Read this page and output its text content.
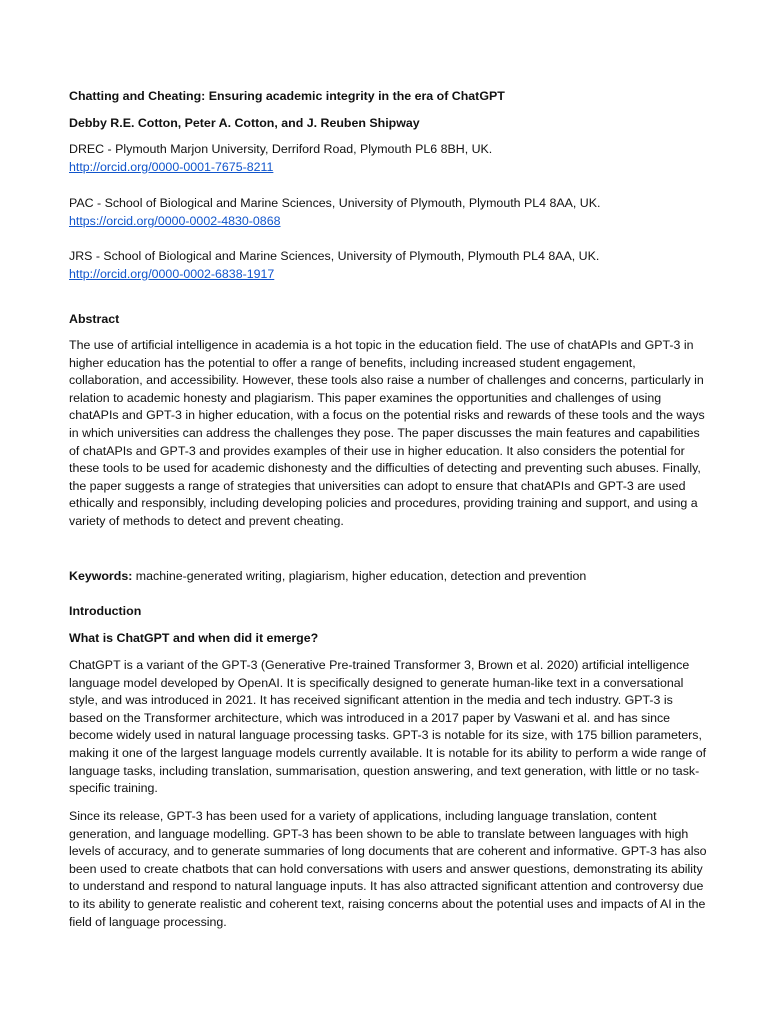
Chatting and Cheating: Ensuring academic integrity in the era of ChatGPT

Debby R.E. Cotton, Peter A. Cotton, and J. Reuben Shipway

DREC - Plymouth Marjon University, Derriford Road, Plymouth PL6 8BH, UK.
http://orcid.org/0000-0001-7675-8211
PAC - School of Biological and Marine Sciences, University of Plymouth, Plymouth PL4 8AA, UK.
https://orcid.org/0000-0002-4830-0868
JRS - School of Biological and Marine Sciences, University of Plymouth, Plymouth PL4 8AA, UK.
http://orcid.org/0000-0002-6838-1917

Abstract

The use of artificial intelligence in academia is a hot topic in the education field. The use of chatAPIs and GPT-3 in higher education has the potential to offer a range of benefits, including increased student engagement, collaboration, and accessibility. However, these tools also raise a number of challenges and concerns, particularly in relation to academic honesty and plagiarism. This paper examines the opportunities and challenges of using chatAPIs and GPT-3 in higher education, with a focus on the potential risks and rewards of these tools and the ways in which universities can address the challenges they pose. The paper discusses the main features and capabilities of chatAPIs and GPT-3 and provides examples of their use in higher education. It also considers the potential for these tools to be used for academic dishonesty and the difficulties of detecting and preventing such abuses. Finally, the paper suggests a range of strategies that universities can adopt to ensure that chatAPIs and GPT-3 are used ethically and responsibly, including developing policies and procedures, providing training and support, and using a variety of methods to detect and prevent cheating.

Keywords: machine-generated writing, plagiarism, higher education, detection and prevention

Introduction

What is ChatGPT and when did it emerge?

ChatGPT is a variant of the GPT-3 (Generative Pre-trained Transformer 3, Brown et al. 2020) artificial intelligence language model developed by OpenAI. It is specifically designed to generate human-like text in a conversational style, and was introduced in 2021. It has received significant attention in the media and tech industry. GPT-3 is based on the Transformer architecture, which was introduced in a 2017 paper by Vaswani et al. and has since become widely used in natural language processing tasks. GPT-3 is notable for its size, with 175 billion parameters, making it one of the largest language models currently available. It is notable for its ability to perform a wide range of language tasks, including translation, summarisation, question answering, and text generation, with little or no task-specific training.

Since its release, GPT-3 has been used for a variety of applications, including language translation, content generation, and language modelling. GPT-3 has been shown to be able to translate between languages with high levels of accuracy, and to generate summaries of long documents that are coherent and informative. GPT-3 has also been used to create chatbots that can hold conversations with users and answer questions, demonstrating its ability to understand and respond to natural language inputs. It has also attracted significant attention and controversy due to its ability to generate realistic and coherent text, raising concerns about the potential uses and impacts of AI in the field of language processing.
